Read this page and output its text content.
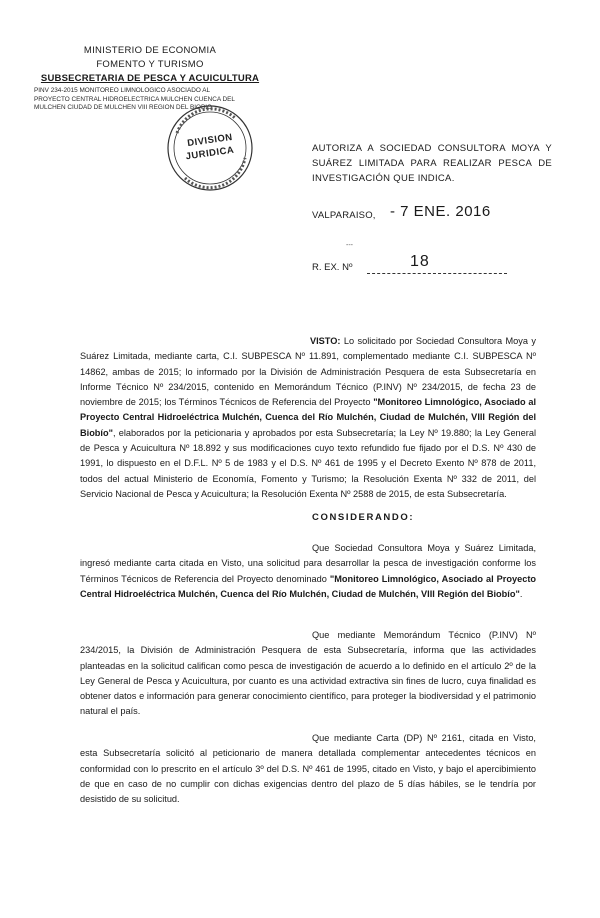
MINISTERIO DE ECONOMIA
FOMENTO Y TURISMO
SUBSECRETARIA DE PESCA Y ACUICULTURA
PINV 234-2015 MONITOREO LIMNOLOGICO ASOCIADO AL
PROYECTO CENTRAL HIDROELECTRICA MULCHEN CUENCA DEL
MULCHEN CIUDAD DE MULCHEN VIII REGION DEL BIOBIO
DIVISION
JURIDICA	AUTORIZA A SOCIEDAD CONSULTORA MOYA Y SUÁREZ LIMITADA PARA REALIZAR PESCA DE INVESTIGACIÓN QUE INDICA.
VALPARAISO, - 7 ENE. 2016
---
R. EX. Nº	18
VISTO: Lo solicitado por Sociedad Consultora Moya y Suárez Limitada, mediante carta, C.I. SUBPESCA Nº 11.891, complementado mediante C.I. SUBPESCA Nº 14862, ambas de 2015; lo informado por la División de Administración Pesquera de esta Subsecretaría en Informe Técnico Nº 234/2015, contenido en Memorándum Técnico (P.INV) Nº 234/2015, de fecha 23 de noviembre de 2015; los Términos Técnicos de Referencia del Proyecto "Monitoreo Limnológico, Asociado al Proyecto Central Hidroeléctrica Mulchén, Cuenca del Río Mulchén, Ciudad de Mulchén, VIII Región del Biobío", elaborados por la peticionaria y aprobados por esta Subsecretaría; la Ley Nº 19.880; la Ley General de Pesca y Acuicultura Nº 18.892 y sus modificaciones cuyo texto refundido fue fijado por el D.S. Nº 430 de 1991, lo dispuesto en el D.F.L. Nº 5 de 1983 y el D.S. Nº 461 de 1995 y el Decreto Exento Nº 878 de 2011, todos del actual Ministerio de Economía, Fomento y Turismo; la Resolución Exenta Nº 332 de 2011, del Servicio Nacional de Pesca y Acuicultura; la Resolución Exenta Nº 2588 de 2015, de esta Subsecretaría.
CONSIDERANDO:
Que Sociedad Consultora Moya y Suárez Limitada, ingresó mediante carta citada en Visto, una solicitud para desarrollar la pesca de investigación conforme los Términos Técnicos de Referencia del Proyecto denominado "Monitoreo Limnológico, Asociado al Proyecto Central Hidroeléctrica Mulchén, Cuenca del Río Mulchén, Ciudad de Mulchén, VIII Región del Biobío".
Que mediante Memorándum Técnico (P.INV) Nº 234/2015, la División de Administración Pesquera de esta Subsecretaría, informa que las actividades planteadas en la solicitud califican como pesca de investigación de acuerdo a lo definido en el artículo 2º de la Ley General de Pesca y Acuicultura, por cuanto es una actividad extractiva sin fines de lucro, cuya finalidad es obtener datos e información para generar conocimiento científico, para proteger la biodiversidad y el patrimonio natural el país.
Que mediante Carta (DP) Nº 2161, citada en Visto, esta Subsecretaría solicitó al peticionario de manera detallada complementar antecedentes técnicos en conformidad con lo prescrito en el artículo 3º del D.S. Nº 461 de 1995, citado en Visto, y bajo el apercibimiento de que en caso de no cumplir con dichas exigencias dentro del plazo de 5 días hábiles, se le tendría por desistido de su solicitud.
